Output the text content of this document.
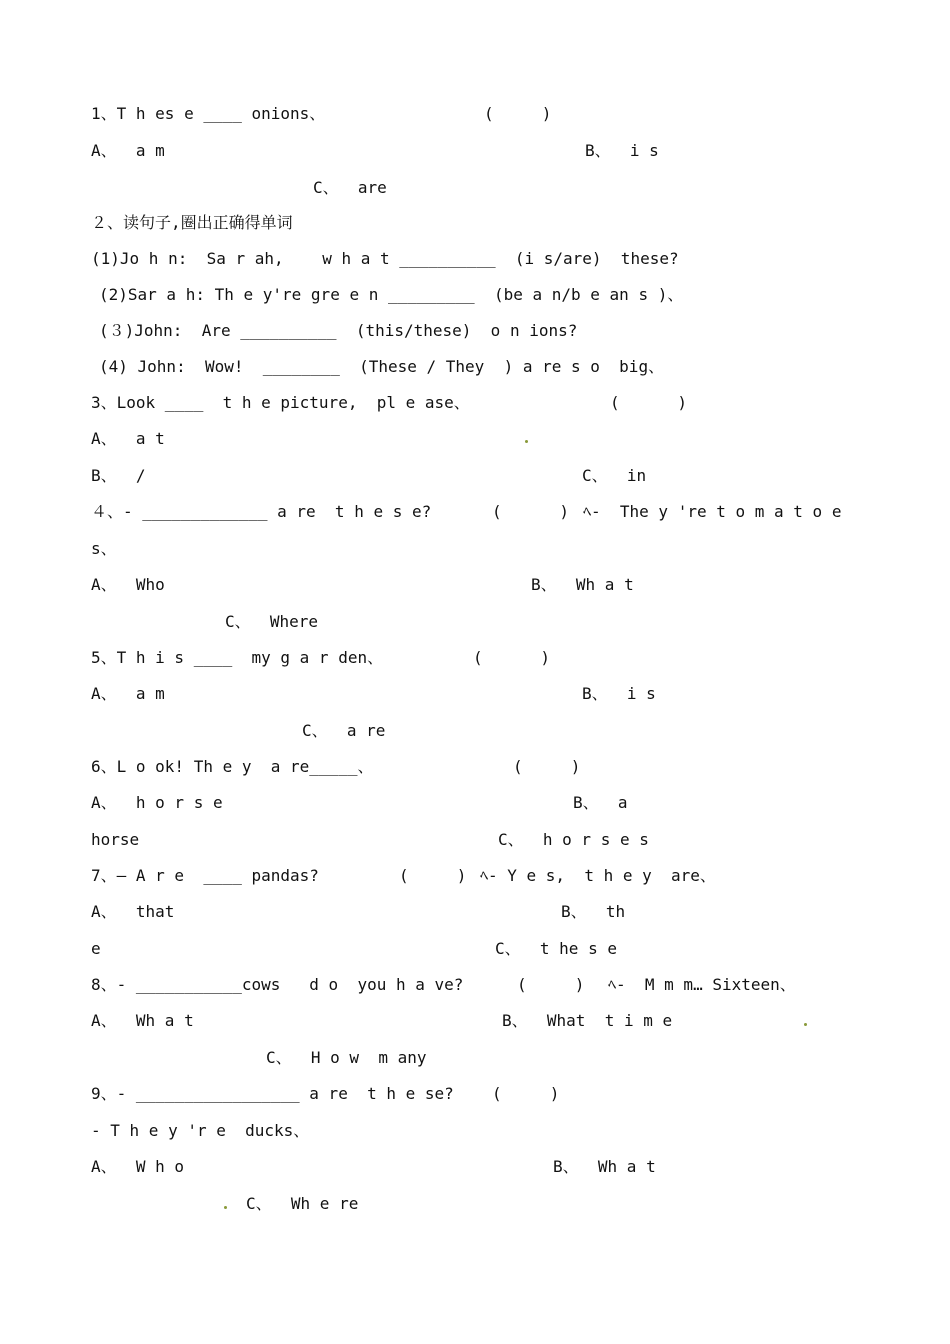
1、T h es e ____ onions、	(     )
A、  a m	B、  i s
C、  are
２、读句子,圈出正确得单词
(1)Jo h n:  Sa r ah,    w h a t __________  (i s/are)  these?
(2)Sar a h: Th e y're gre e n _________  (be a n/b e an s )、
(３)John:  Are __________  (this/these)  o n ions?
(4) John:  Wow!  ________  (These / They  ) a re s o  big、
3、Look ____  t h e picture,  pl e ase、	(      )
A、  a t
B、  /	C、  in
４、- _____________ a re  t h e s e?	(      ) ﾍ-  The y 're t o m a t o e
s、
A、  Who	B、  Wh a t
C、  Where
5、T h i s ____  my g a r den、	(      )
A、  a m	B、  i s
C、  a re
6、L o ok! Th e y  a re_____、	(     )
A、  h o r s e	B、  a
horse	C、  h o r s e s
7、— A r e  ____ pandas?	(     ) ﾍ- Y e s,  t h e y  are、
A、  that	B、  th
e	C、  t he s e
8、- ___________cows   d o  you h a ve?	(     ) ﾍ-  M m m… Sixteen、
A、  Wh a t	B、  What  t i m e
C、  H o w  m any
9、- _________________ a re  t h e se? (     )
- T h e y 'r e  ducks、
A、  W h o	B、  Wh a t
C、  Wh e re
